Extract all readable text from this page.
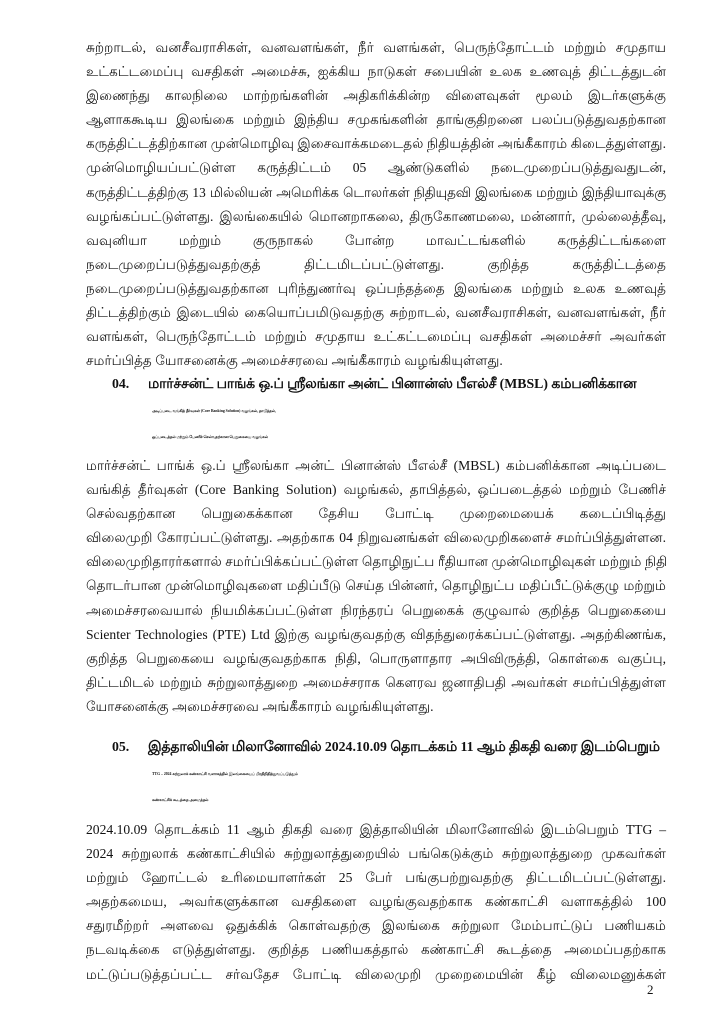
சுற்றாடல், வனசீவராசிகள், வனவளங்கள், நீர் வளங்கள், பெருந்தோட்டம் மற்றும் சமுதாய
உட்கட்டமைப்பு வசதிகள் அமைச்சு, ஐக்கிய நாடுகள் சபையின் உலக உணவுத் திட்டத்துடன்
இணைந்து காலநிலை மாற்றங்களின் அதிகரிக்கின்ற விளைவுகள் மூலம் இடர்களுக்கு
ஆளாககூடிய இலங்கை மற்றும் இந்திய சமுகங்களின் தாங்குதிறனை பலப்படுத்துவதற்கான
கருத்திட்டத்திற்கான முன்மொழிவு இசைவாக்கமடைதல் நிதியத்தின் அங்கீகாரம் கிடைத்துள்ளது.
முன்மொழியப்பட்டுள்ள கருத்திட்டம் 05 ஆண்டுகளில் நடைமுறைப்படுத்துவதுடன்,
கருத்திட்டத்திற்கு 13 மில்லியன் அமெரிக்க டொலர்கள் நிதியுதவி இலங்கை மற்றும் இந்தியாவுக்கு
வழங்கப்பட்டுள்ளது. இலங்கையில் மொனறாகலை, திருகோணமலை, மன்னார், முல்லைத்தீவு,
வவுனியா மற்றும் குருநாகல் போன்ற மாவட்டங்களில் கருத்திட்டங்களை
நடைமுறைப்படுத்துவதற்குத் திட்டமிடப்பட்டுள்ளது. குறித்த கருத்திட்டத்தை
நடைமுறைப்படுத்துவதற்கான புரிந்துணர்வு ஒப்பந்தத்தை இலங்கை மற்றும் உலக உணவுத்
திட்டத்திற்கும் இடையில் கையொப்பமிடுவதற்கு சுற்றாடல், வனசீவராசிகள், வனவளங்கள், நீர்
வளங்கள், பெருந்தோட்டம் மற்றும் சமுதாய உட்கட்டமைப்பு வசதிகள் அமைச்சர் அவர்கள்
சமர்ப்பித்த யோசனைக்கு அமைச்சரவை அங்கீகாரம் வழங்கியுள்ளது.
04. மார்ச்சன்ட் பாங்க் ஒ.ப் ஸ்ரீலங்கா அன்ட் பினான்ஸ் பீஎல்சீ (MBSL) கம்பனிக்கான
அடிப்படை வங்கித் தீர்வுகள் (Core Banking Solution) வழங்கல், தாபித்தல்,
ஒப்படைத்தல் மற்றும் பேணிச் செல்வதற்கான பெறுகையை வழங்கல்
மார்ச்சன்ட் பாங்க் ஒ.ப் ஸ்ரீலங்கா அன்ட் பினான்ஸ் பீஎல்சீ (MBSL) கம்பனிக்கான அடிப்படை
வங்கித் தீர்வுகள் (Core Banking Solution) வழங்கல், தாபித்தல், ஒப்படைத்தல் மற்றும் பேணிச்
செல்வதற்கான பெறுகைக்கான தேசிய போட்டி முறைமையைக் கடைப்பிடித்து
விலைமுறி கோரப்பட்டுள்ளது. அதற்காக 04 நிறுவனங்கள் விலைமுறிகளைச் சமர்ப்பித்துள்ளன.
விலைமுறிதாரர்களால் சமர்ப்பிக்கப்பட்டுள்ள தொழிநுட்ப ரீதியான முன்மொழிவுகள் மற்றும் நிதி
தொடர்பான முன்மொழிவுகளை மதிப்பீடு செய்த பின்னர், தொழிநுட்ப மதிப்பீட்டுக்குழு மற்றும்
அமைச்சரவையால் நியமிக்கப்பட்டுள்ள நிரந்தரப் பெறுகைக் குழுவால் குறித்த பெறுகையை
Scienter Technologies (PTE) Ltd இற்கு வழங்குவதற்கு விதந்துரைக்கப்பட்டுள்ளது. அதற்கிணங்க,
குறித்த பெறுகையை வழங்குவதற்காக நிதி, பொருளாதார அபிவிருத்தி, கொள்கை வகுப்பு,
திட்டமிடல் மற்றும் சுற்றுலாத்துறை அமைச்சராக கௌரவ ஜனாதிபதி அவர்கள் சமர்ப்பித்துள்ள
யோசனைக்கு அமைச்சரவை அங்கீகாரம் வழங்கியுள்ளது.
05. இத்தாலியின் மிலானோவில் 2024.10.09 தொடக்கம் 11 ஆம் திகதி வரை இடம்பெறும்
TTG – 2024 சுற்றுலாக் கண்காட்சி வளாகத்தில் இலங்கையைப் பிரதிநிதித்துவப்படுத்தும்
கண்காட்சிக் கூடத்தை அமைத்தல்
2024.10.09 தொடக்கம் 11 ஆம் திகதி வரை இத்தாலியின் மிலானோவில் இடம்பெறும் TTG –
2024 சுற்றுலாக் கண்காட்சியில் சுற்றுலாத்துறையில் பங்கெடுக்கும் சுற்றுலாத்துறை முகவர்கள்
மற்றும் ஹோட்டல் உரிமையாளர்கள் 25 பேர் பங்குபற்றுவதற்கு திட்டமிடப்பட்டுள்ளது.
அதற்கமைய, அவர்களுக்கான வசதிகளை வழங்குவதற்காக கண்காட்சி வளாகத்தில் 100
சதுரமீற்றர் அளவை ஒதுக்கிக் கொள்வதற்கு இலங்கை சுற்றுலா மேம்பாட்டுப் பணியகம்
நடவடிக்கை எடுத்துள்ளது. குறித்த பணியகத்தால் கண்காட்சி கூடத்தை அமைப்பதற்காக
மட்டுப்படுத்தப்பட்ட சர்வதேச போட்டி விலைமுறி முறைமையின் கீழ் விலைமனுக்கள்
2
